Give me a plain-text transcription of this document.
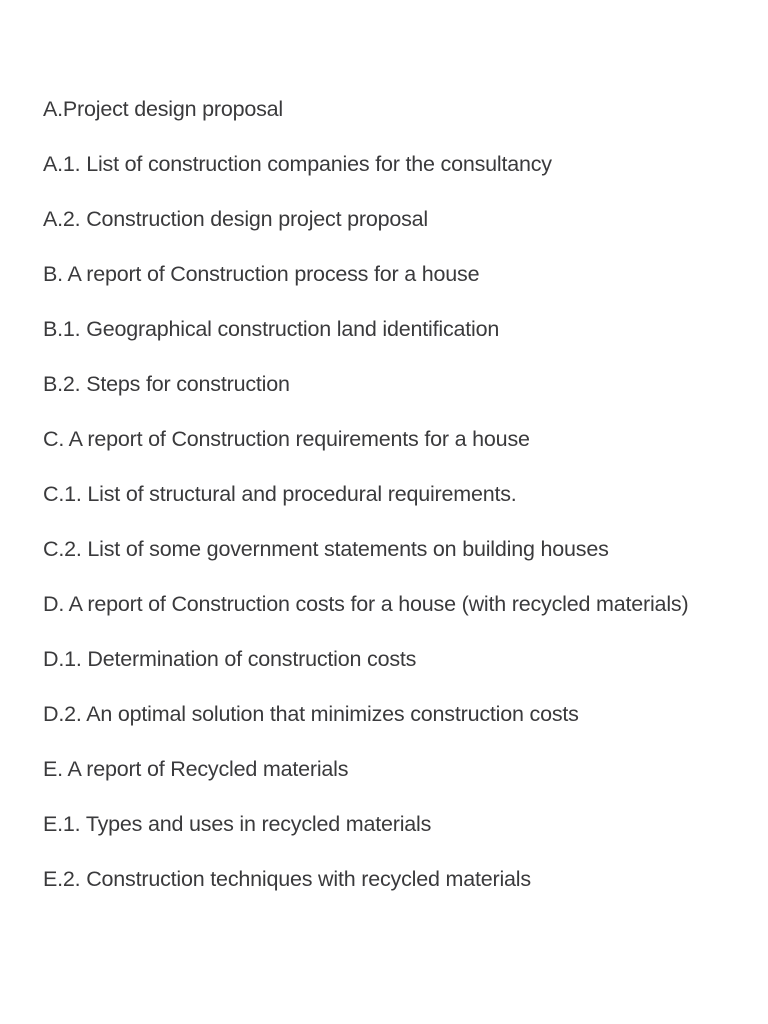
A.Project design proposal
A.1. List of construction companies for the consultancy
A.2. Construction design project proposal
B. A report of Construction process for a house
B.1. Geographical construction land identification
B.2. Steps for construction
C. A report of Construction requirements for a house
C.1. List of structural and procedural requirements.
C.2. List of some government statements on building houses
D. A report of Construction costs for a house (with recycled materials)
D.1. Determination of construction costs
D.2. An optimal solution that minimizes construction costs
E. A report of Recycled materials
E.1. Types and uses in recycled materials
E.2. Construction techniques with recycled materials
